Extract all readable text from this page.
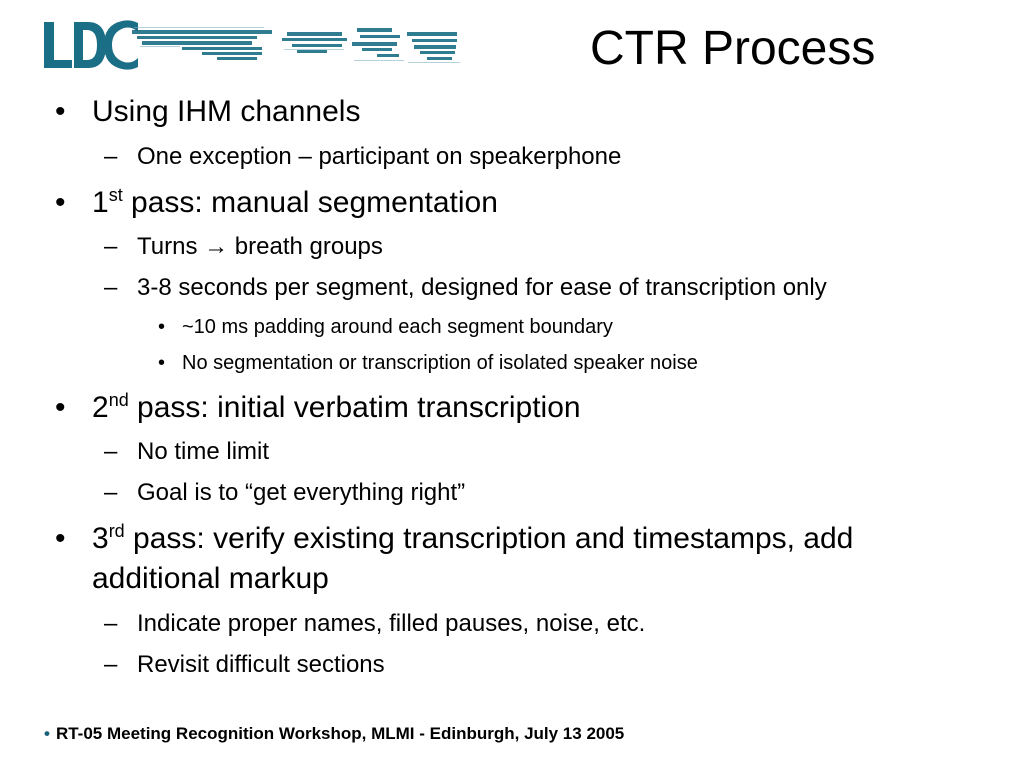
CTR Process
• Using IHM channels
– One exception – participant on speakerphone
• 1st pass: manual segmentation
– Turns → breath groups
– 3-8 seconds per segment, designed for ease of transcription only
• ~10 ms padding around each segment boundary
• No segmentation or transcription of isolated speaker noise
• 2nd pass: initial verbatim transcription
– No time limit
– Goal is to “get everything right”
• 3rd pass: verify existing transcription and timestamps, add
additional markup
– Indicate proper names, filled pauses, noise, etc.
– Revisit difficult sections
• RT-05 Meeting Recognition Workshop, MLMI - Edinburgh, July 13 2005
